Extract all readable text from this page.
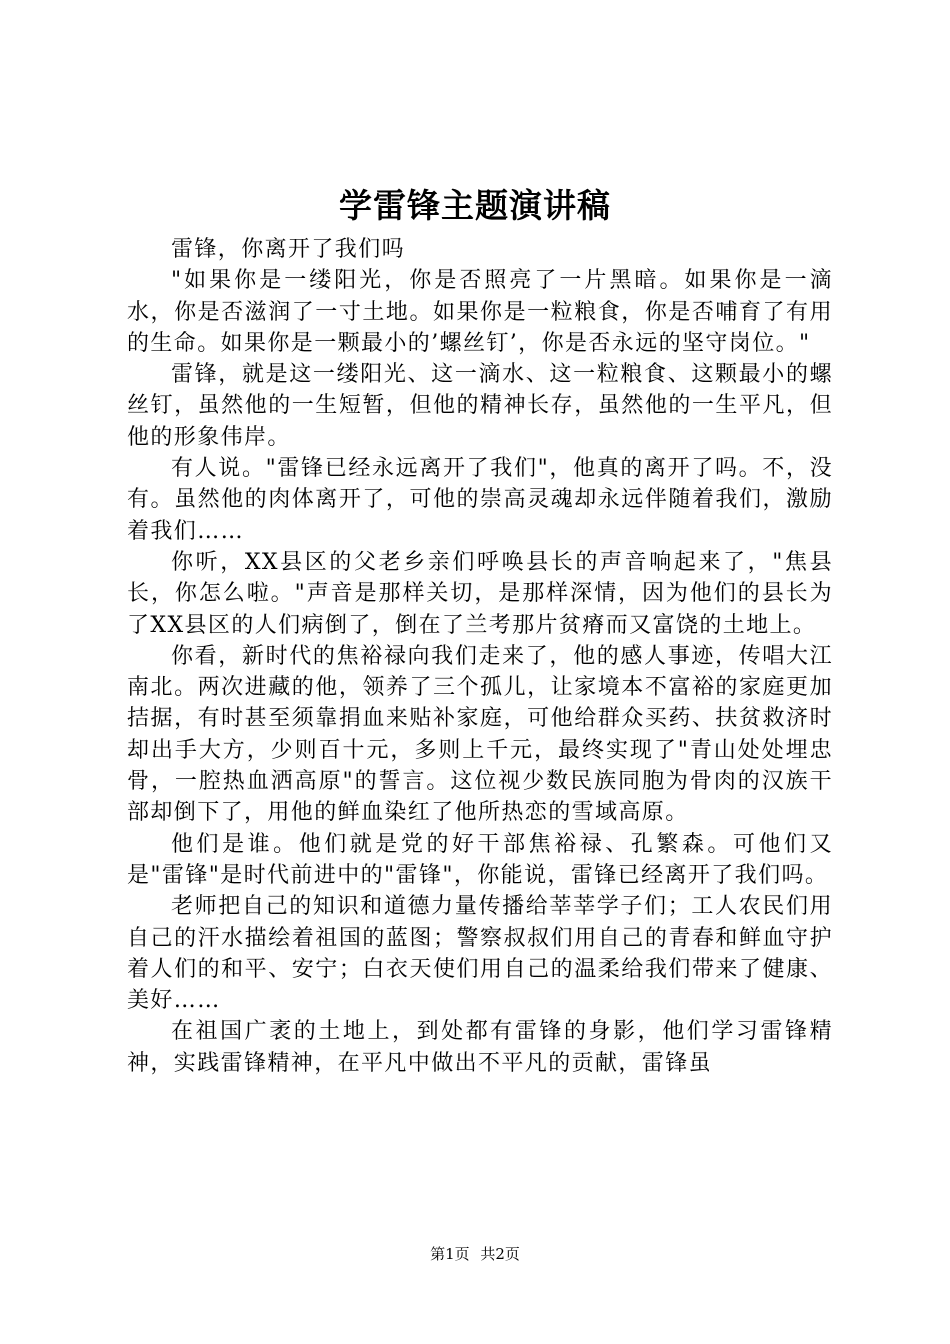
学雷锋主题演讲稿

雷锋，你离开了我们吗

"如果你是一缕阳光，你是否照亮了一片黑暗。如果你是一滴水，你是否滋润了一寸土地。如果你是一粒粮食，你是否哺育了有用的生命。如果你是一颗最小的’螺丝钉’，你是否永远的坚守岗位。"

雷锋，就是这一缕阳光、这一滴水、这一粒粮食、这颗最小的螺丝钉，虽然他的一生短暂，但他的精神长存，虽然他的一生平凡，但他的形象伟岸。

有人说。"雷锋已经永远离开了我们"，他真的离开了吗。不，没有。虽然他的肉体离开了，可他的崇高灵魂却永远伴随着我们，激励着我们……

你听，XX县区的父老乡亲们呼唤县长的声音响起来了，"焦县长，你怎么啦。"声音是那样关切，是那样深情，因为他们的县长为了XX县区的人们病倒了，倒在了兰考那片贫瘠而又富饶的土地上。

你看，新时代的焦裕禄向我们走来了，他的感人事迹，传唱大江南北。两次进藏的他，领养了三个孤儿，让家境本不富裕的家庭更加拮据，有时甚至须靠捐血来贴补家庭，可他给群众买药、扶贫救济时却出手大方，少则百十元，多则上千元，最终实现了"青山处处埋忠骨，一腔热血洒高原"的誓言。这位视少数民族同胞为骨肉的汉族干部却倒下了，用他的鲜血染红了他所热恋的雪域高原。

他们是谁。他们就是党的好干部焦裕禄、孔繁森。可他们又是"雷锋"是时代前进中的"雷锋"，你能说，雷锋已经离开了我们吗。

老师把自己的知识和道德力量传播给莘莘学子们；工人农民们用自己的汗水描绘着祖国的蓝图；警察叔叔们用自己的青春和鲜血守护着人们的和平、安宁；白衣天使们用自己的温柔给我们带来了健康、美好……

在祖国广袤的土地上，到处都有雷锋的身影，他们学习雷锋精神，实践雷锋精神，在平凡中做出不平凡的贡献，雷锋虽

第1页 共2页
